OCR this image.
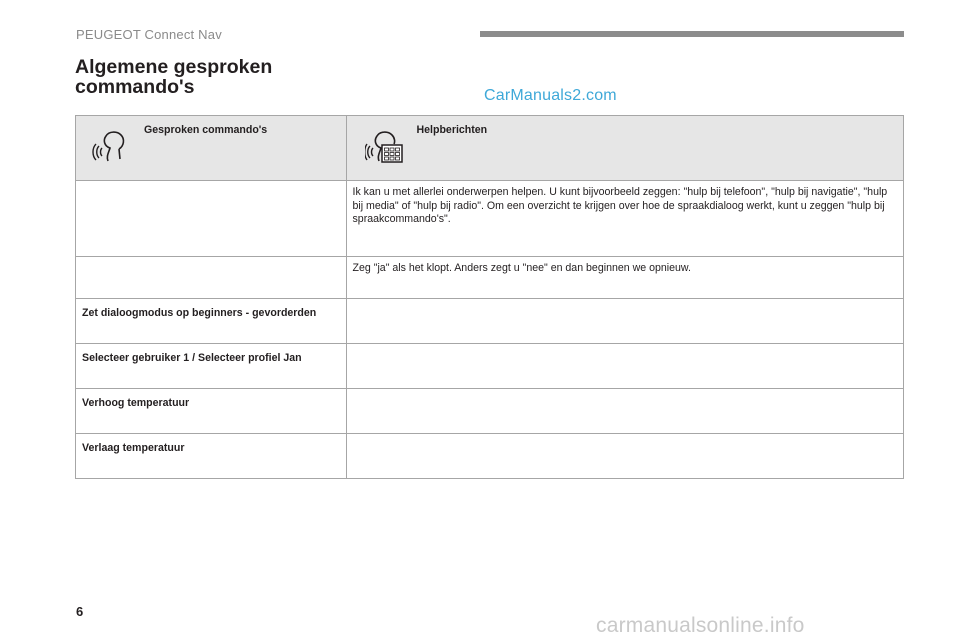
PEUGEOT Connect Nav
Algemene gesproken
commando's	CarManuals2.com
Gesproken commando's	Helpberichten

	Ik kan u met allerlei onderwerpen helpen. U kunt bijvoorbeeld zeggen: "hulp bij telefoon", "hulp bij navigatie", "hulp bij media" of "hulp bij radio". Om een overzicht te krijgen over hoe de spraakdialoog werkt, kunt u zeggen "hulp bij spraakcommando's".

	Zeg "ja" als het klopt. Anders zegt u "nee" en dan beginnen we opnieuw.

Zet dialoogmodus op beginners - gevorderden	
Selecteer gebruiker 1 / Selecteer profiel Jan	
Verhoog temperatuur	
Verlaag temperatuur	
6
carmanualsonline.info
